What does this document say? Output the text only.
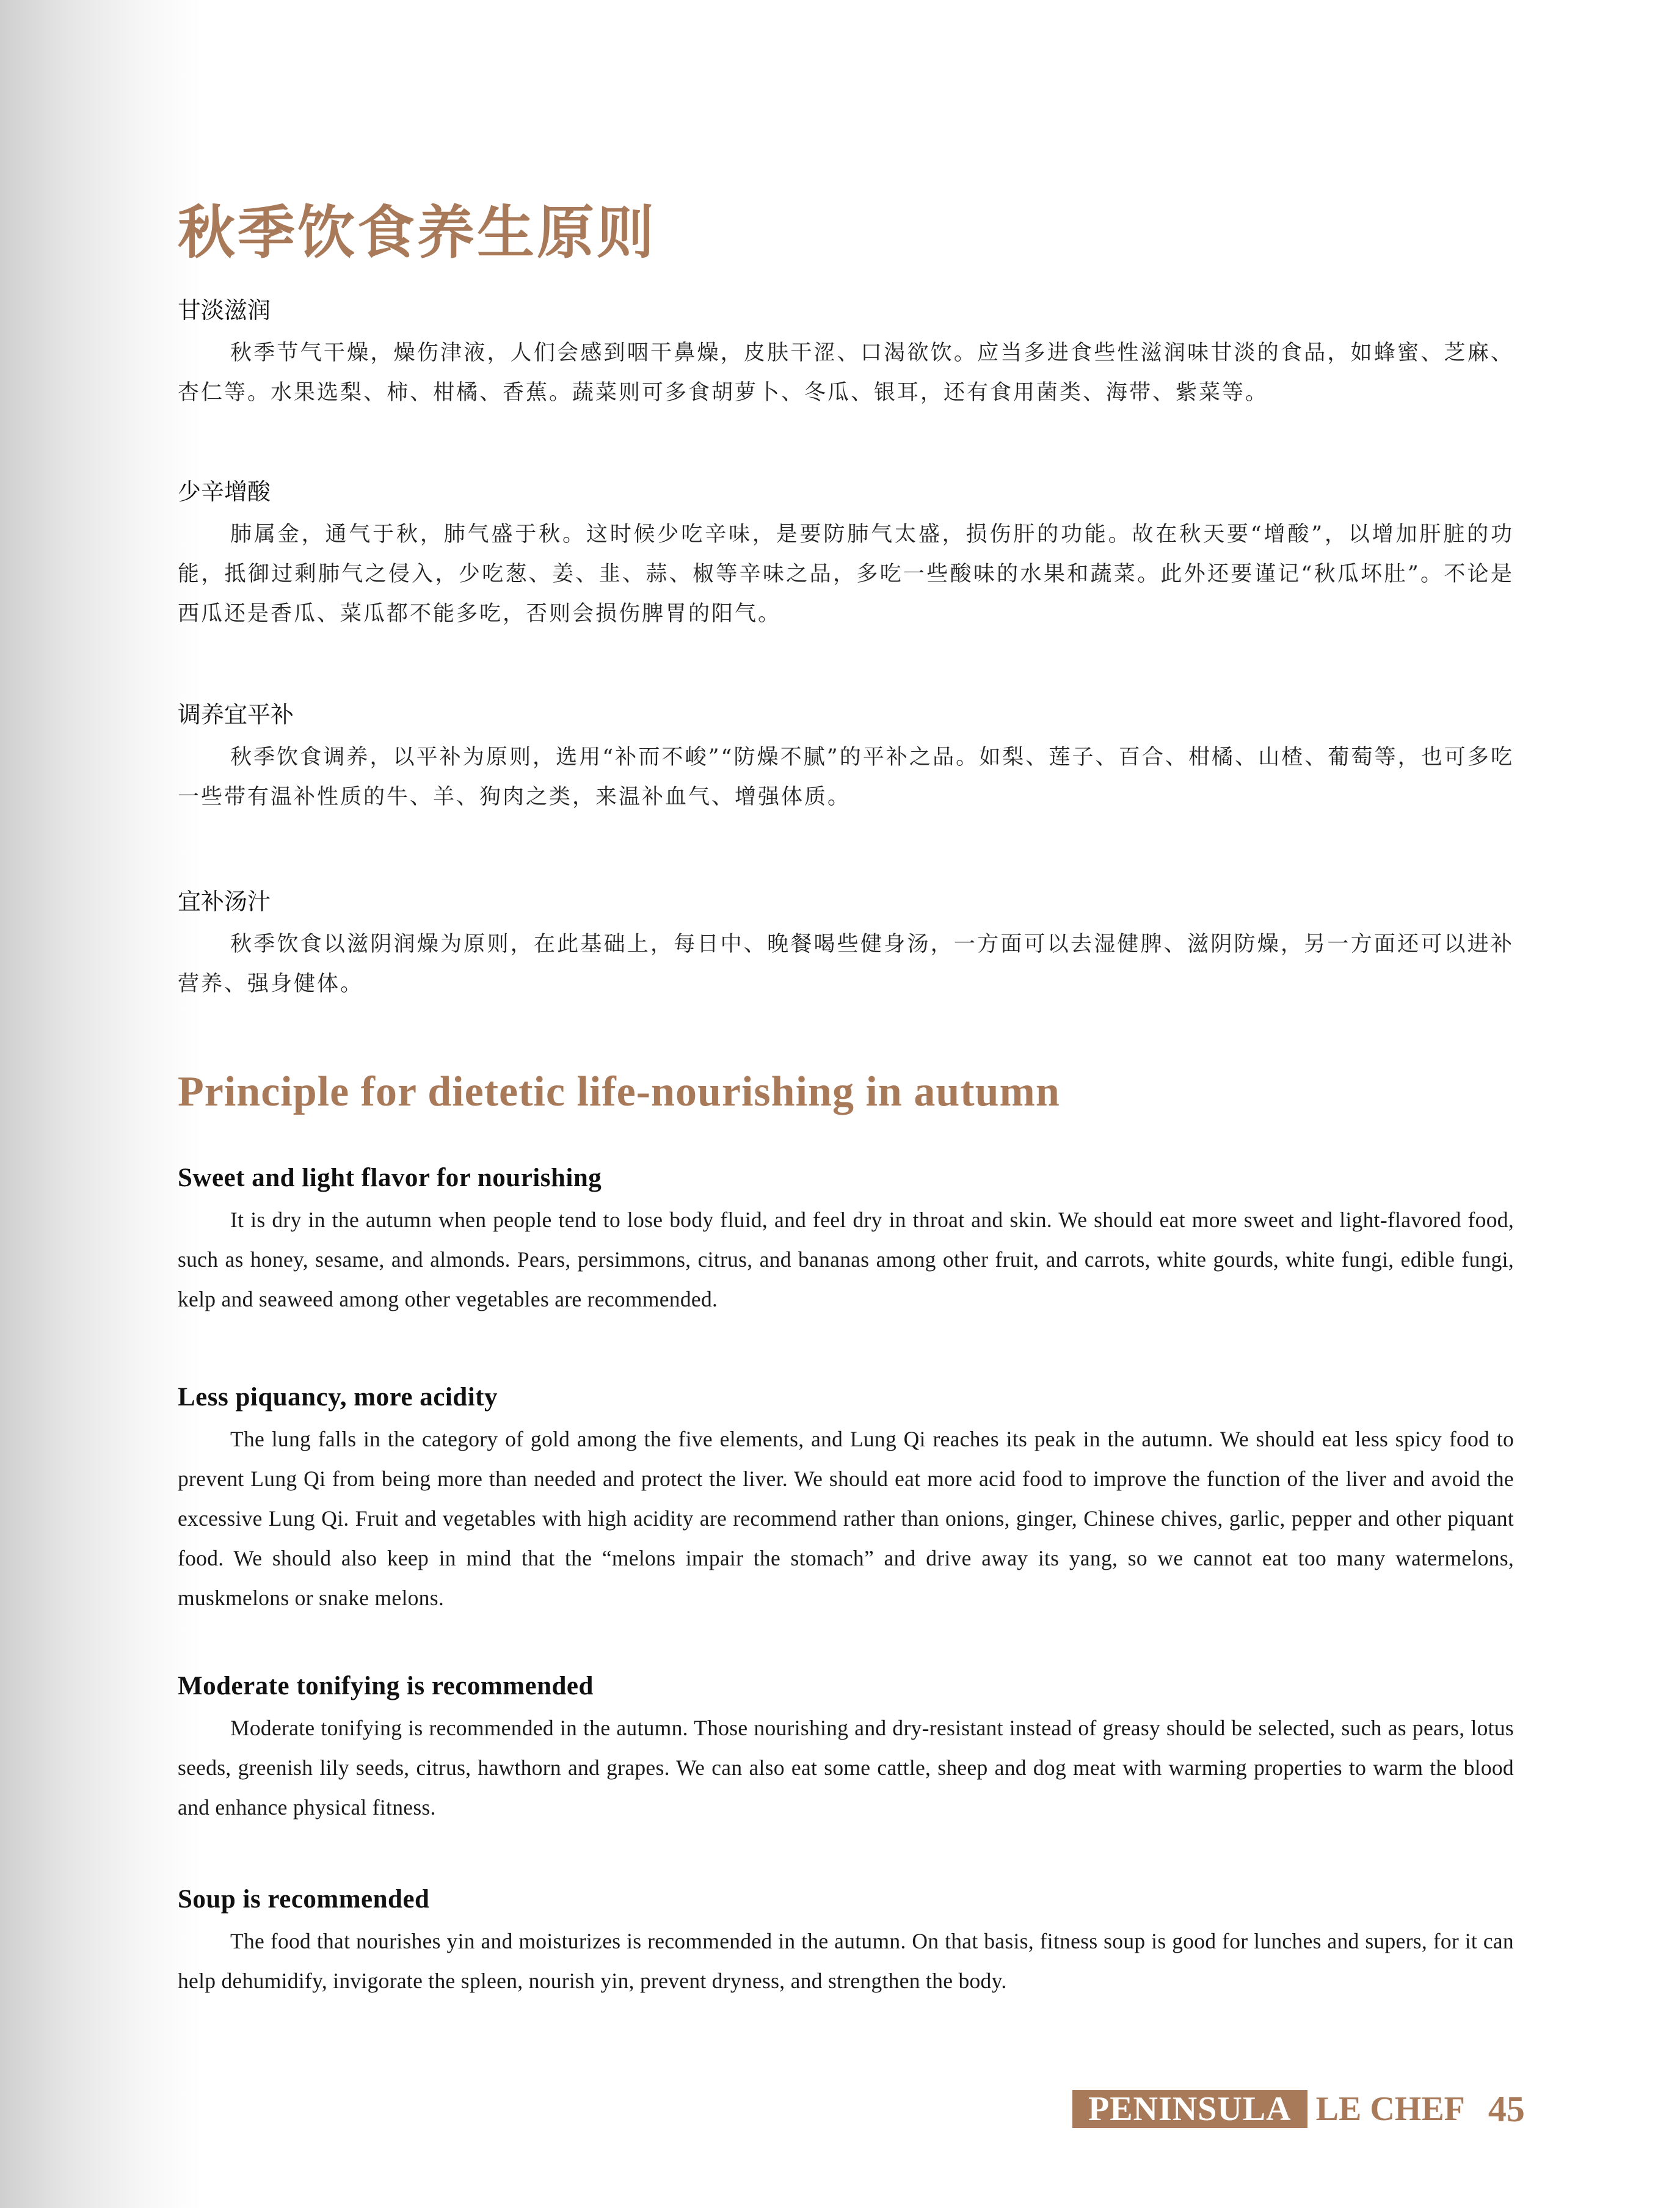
秋季饮食养生原则
甘淡滋润

秋季节气干燥，燥伤津液，人们会感到咽干鼻燥，皮肤干涩、口渴欲饮。应当多进食些性滋润味甘淡的食品，如蜂蜜、芝麻、杏仁等。水果选梨、柿、柑橘、香蕉。蔬菜则可多食胡萝卜、冬瓜、银耳，还有食用菌类、海带、紫菜等。

少辛增酸

肺属金，通气于秋，肺气盛于秋。这时候少吃辛味，是要防肺气太盛，损伤肝的功能。故在秋天要“增酸”，以增加肝脏的功能，抵御过剩肺气之侵入，少吃葱、姜、韭、蒜、椒等辛味之品，多吃一些酸味的水果和蔬菜。此外还要谨记“秋瓜坏肚”。不论是西瓜还是香瓜、菜瓜都不能多吃，否则会损伤脾胃的阳气。

调养宜平补

秋季饮食调养，以平补为原则，选用“补而不峻”“防燥不腻”的平补之品。如梨、莲子、百合、柑橘、山楂、葡萄等，也可多吃一些带有温补性质的牛、羊、狗肉之类，来温补血气、增强体质。

宜补汤汁

秋季饮食以滋阴润燥为原则，在此基础上，每日中、晚餐喝些健身汤，一方面可以去湿健脾、滋阴防燥，另一方面还可以进补营养、强身健体。

Principle for dietetic life-nourishing in autumn
Sweet and light flavor for nourishing

It is dry in the autumn when people tend to lose body fluid, and feel dry in throat and skin. We should eat more sweet and light-flavored food, such as honey, sesame, and almonds. Pears, persimmons, citrus, and bananas among other fruit, and carrots, white gourds, white fungi, edible fungi, kelp and seaweed among other vegetables are recommended.

Less piquancy, more acidity

The lung falls in the category of gold among the five elements, and Lung Qi reaches its peak in the autumn. We should eat less spicy food to prevent Lung Qi from being more than needed and protect the liver. We should eat more acid food to improve the function of the liver and avoid the excessive Lung Qi. Fruit and vegetables with high acidity are recommend rather than onions, ginger, Chinese chives, garlic, pepper and other piquant food. We should also keep in mind that the “melons impair the stomach” and drive away its yang, so we cannot eat too many watermelons, muskmelons or snake melons.

Moderate tonifying is recommended

Moderate tonifying is recommended in the autumn. Those nourishing and dry-resistant instead of greasy should be selected, such as pears, lotus seeds, greenish lily seeds, citrus, hawthorn and grapes. We can also eat some cattle, sheep and dog meat with warming properties to warm the blood and enhance physical fitness.

Soup is recommended

The food that nourishes yin and moisturizes is recommended in the autumn. On that basis, fitness soup is good for lunches and supers, for it can help dehumidify, invigorate the spleen, nourish yin, prevent dryness, and strengthen the body.

PENINSULA LE CHEF 45
